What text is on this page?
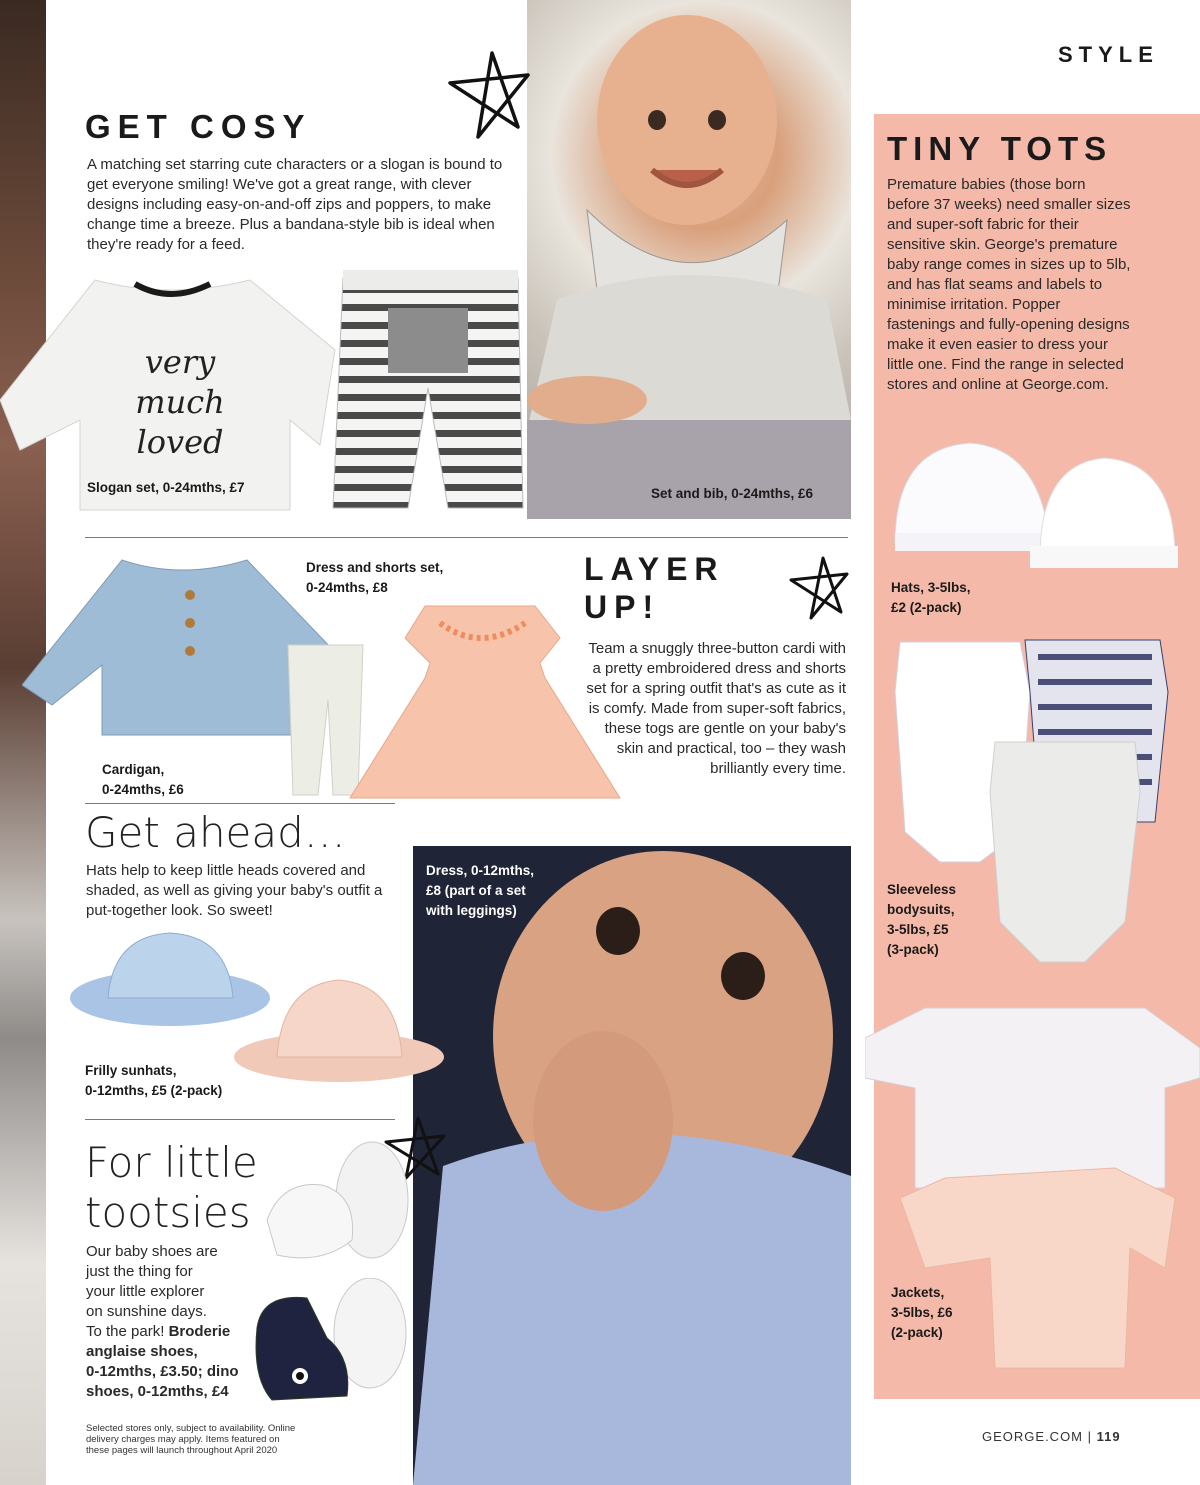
Set and bib, 0-24mths, £6
Dress, 0-12mths,
£8 (part of a set
with leggings)
STYLE
GET COSY

A matching set starring cute characters or a slogan is bound to get everyone smiling! We've got a great range, with clever designs including easy-on-and-off zips and poppers, to make change time a breeze. Plus a bandana-style bib is ideal when they're ready for a feed.

very
much
loved
Slogan set, 0-24mths, £7
Cardigan,
0-24mths, £6
Dress and shorts set,
0-24mths, £8
LAYER
UP!

Team a snuggly three-button cardi with a pretty embroidered dress and shorts set for a spring outfit that's as cute as it is comfy. Made from super-soft fabrics, these togs are gentle on your baby's skin and practical, too – they wash brilliantly every time.

Get ahead…

Hats help to keep little heads covered and shaded, as well as giving your baby's outfit a put-together look. So sweet!

Frilly sunhats,
0-12mths, £5 (2-pack)
For little
tootsies
Our baby shoes are
just the thing for
your little explorer
on sunshine days.
To the park! Broderie
anglaise shoes,
0-12mths, £3.50; dino
shoes, 0-12mths, £4
Selected stores only, subject to availability. Online
delivery charges may apply. Items featured on
these pages will launch throughout April 2020
TINY TOTS

Premature babies (those born before 37 weeks) need smaller sizes and super-soft fabric for their sensitive skin. George's premature baby range comes in sizes up to 5lb, and has flat seams and labels to minimise irritation. Popper fastenings and fully-opening designs make it even easier to dress your little one. Find the range in selected stores and online at George.com.

Hats, 3-5lbs,
£2 (2-pack)
Sleeveless
bodysuits,
3-5lbs, £5
(3-pack)
Jackets,
3-5lbs, £6
(2-pack)
GEORGE.COM | 119
